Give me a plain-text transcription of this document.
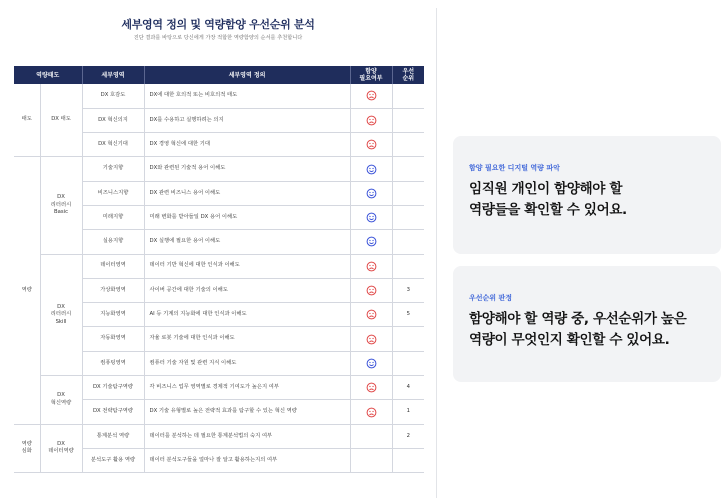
세부영역 정의 및 역량함양 우선순위 분석
진단 결과를 바탕으로 당신에게 가장 적합한 역량함양의 순서를 추천합니다
역량태도		세부영역	세부영역 정의	함양
필요여부	우선
순위
태도	DX 태도	DX 호감도	DX에 대한 호의적 또는 비호의적 태도		
		DX 혁신의지	DX를 수용하고 실행하려는 의지		
		DX 혁신기대	DX 경영 혁신에 대한 기대		
역량	DX
리터러시
Basic	기술지향	DX와 관련된 기술적 용어 이해도		
		비즈니스지향	DX 관련 비즈니스 용어 이해도		
		미래지향	미래 변화를 받아들일 DX 용어 이해도		
		실용지향	DX 실행에 필요한 용어 이해도		
	DX
리터러시
Skill	데이터영역	데이터 기반 혁신에 대한 인식과 이해도		
		가상화영역	사이버 공간에 대한 기술의 이해도		3
		지능화영역	AI 등 기계의 지능화에 대한 인식과 이해도		5
		자동화영역	자율 로봇 기술에 대한 인식과 이해도		
		컴퓨팅영역	컴퓨터 기술 자원 및 관련 지식 이해도		
	DX
혁신역량	DX 기술탐구역량	각 비즈니스 업무 영역별로 경제적 기여도가 높은지 여부		4
		DX 전략탐구역량	DX 기술 유형별로 높은 전략적 효과를 탐구할 수 있는 혁신 역량		1
역량
심화	DX
데이터역량	통계분석 역량	데이터를 분석하는 데 필요한 통계분석법의 숙지 여부		2
		분석도구 활용 역량	데이터 분석도구들을 얼마나 잘 알고 활용하는지의 여부		
함양 필요한 디지털 역량 파악
임직원 개인이 함양해야 할
역량들을 확인할 수 있어요.
우선순위 판정
함양해야 할 역량 중, 우선순위가 높은
역량이 무엇인지 확인할 수 있어요.
